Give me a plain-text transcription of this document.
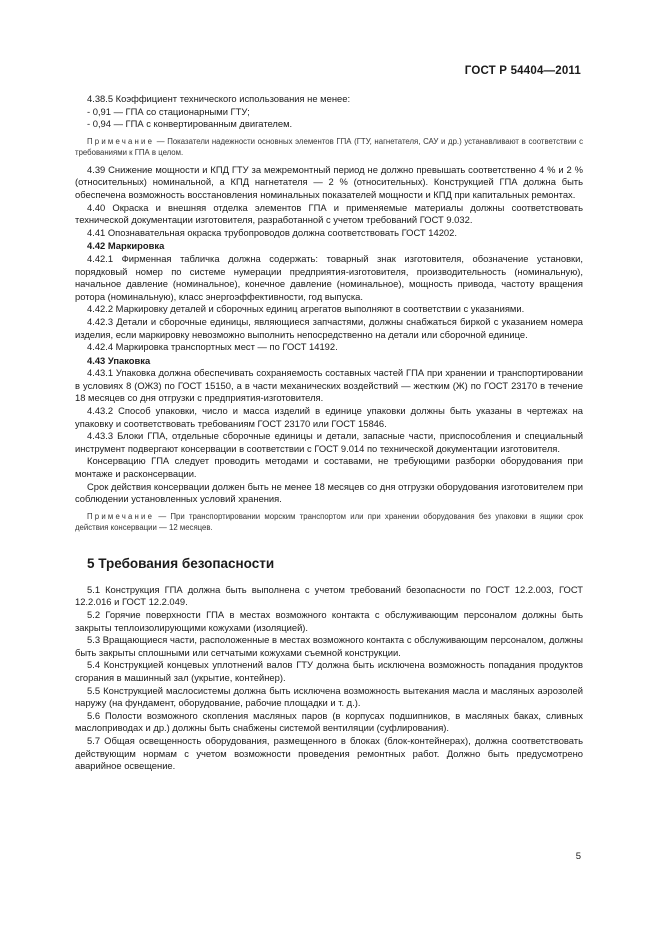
ГОСТ Р 54404—2011

4.38.5 Коэффициент технического использования не менее:

- 0,91 — ГПА со стационарными ГТУ;

- 0,94 — ГПА с конвертированным двигателем.

Примечание — Показатели надежности основных элементов ГПА (ГТУ, нагнетателя, САУ и др.) устанавливают в соответствии с требованиями к ГПА в целом.

4.39 Снижение мощности и КПД ГТУ за межремонтный период не должно превышать соответственно 4 % и 2 % (относительных) номинальной, а КПД нагнетателя — 2 % (относительных). Конструкцией ГПА должна быть обеспечена возможность восстановления номинальных показателей мощности и КПД при капитальных ремонтах.

4.40 Окраска и внешняя отделка элементов ГПА и применяемые материалы должны соответствовать технической документации изготовителя, разработанной с учетом требований ГОСТ 9.032.

4.41 Опознавательная окраска трубопроводов должна соответствовать ГОСТ 14202.

4.42 Маркировка

4.42.1 Фирменная табличка должна содержать: товарный знак изготовителя, обозначение установки, порядковый номер по системе нумерации предприятия-изготовителя, производительность (номинальную), начальное давление (номинальное), конечное давление (номинальное), мощность привода, частоту вращения ротора (номинальную), класс энергоэффективности, год выпуска.

4.42.2 Маркировку деталей и сборочных единиц агрегатов выполняют в соответствии с указаниями.

4.42.3 Детали и сборочные единицы, являющиеся запчастями, должны снабжаться биркой с указанием номера изделия, если маркировку невозможно выполнить непосредственно на детали или сборочной единице.

4.42.4 Маркировка транспортных мест — по ГОСТ 14192.

4.43 Упаковка

4.43.1 Упаковка должна обеспечивать сохраняемость составных частей ГПА при хранении и транспортировании в условиях 8 (ОЖ3) по ГОСТ 15150, а в части механических воздействий — жестким (Ж) по ГОСТ 23170 в течение 18 месяцев со дня отгрузки с предприятия-изготовителя.

4.43.2 Способ упаковки, число и масса изделий в единице упаковки должны быть указаны в чертежах на упаковку и соответствовать требованиям ГОСТ 23170 или ГОСТ 15846.

4.43.3 Блоки ГПА, отдельные сборочные единицы и детали, запасные части, приспособления и специальный инструмент подвергают консервации в соответствии с ГОСТ 9.014 по технической документации изготовителя.

Консервацию ГПА следует проводить методами и составами, не требующими разборки оборудования при монтаже и расконсервации.

Срок действия консервации должен быть не менее 18 месяцев со дня отгрузки оборудования изготовителем при соблюдении установленных условий хранения.

Примечание — При транспортировании морским транспортом или при хранении оборудования без упаковки в ящики срок действия консервации — 12 месяцев.

5 Требования безопасности

5.1 Конструкция ГПА должна быть выполнена с учетом требований безопасности по ГОСТ 12.2.003, ГОСТ 12.2.016 и ГОСТ 12.2.049.

5.2 Горячие поверхности ГПА в местах возможного контакта с обслуживающим персоналом должны быть закрыты теплоизолирующими кожухами (изоляцией).

5.3 Вращающиеся части, расположенные в местах возможного контакта с обслуживающим персоналом, должны быть закрыты сплошными или сетчатыми кожухами съемной конструкции.

5.4 Конструкцией концевых уплотнений валов ГТУ должна быть исключена возможность попадания продуктов сгорания в машинный зал (укрытие, контейнер).

5.5 Конструкцией маслосистемы должна быть исключена возможность вытекания масла и масляных аэрозолей наружу (на фундамент, оборудование, рабочие площадки и т. д.).

5.6 Полости возможного скопления масляных паров (в корпусах подшипников, в масляных баках, сливных маслоприводах и др.) должны быть снабжены системой вентиляции (суфлирования).

5.7 Общая освещенность оборудования, размещенного в блоках (блок-контейнерах), должна соответствовать действующим нормам с учетом возможности проведения ремонтных работ. Должно быть предусмотрено аварийное освещение.

5
